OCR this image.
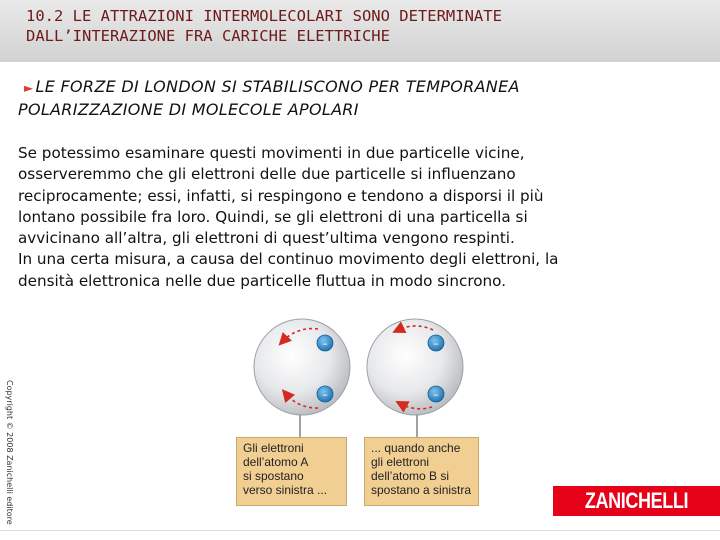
10.2 LE ATTRAZIONI INTERMOLECOLARI SONO DETERMINATE
DALL’INTERAZIONE FRA CARICHE ELETTRICHE
► LE FORZE DI LONDON SI STABILISCONO PER TEMPORANEA
POLARIZZAZIONE DI MOLECOLE APOLARI
Se potessimo esaminare questi movimenti in due particelle vicine,
osserveremmo che gli elettroni delle due particelle si influenzano
reciprocamente; essi, infatti, si respingono e tendono a disporsi il più
lontano possibile fra loro. Quindi, se gli elettroni di una particella si
avvicinano all’altra, gli elettroni di quest’ultima vengono respinti.
In una certa misura, a causa del continuo movimento degli elettroni, la
densità elettronica nelle due particelle fluttua in modo sincrono.
Copyright © 2008 Zanichelli editore
–
–
–
–
Gli elettroni
dell’atomo A
si spostano
verso sinistra ...
... quando anche
gli elettroni
dell’atomo B si
spostano a sinistra	ZANICHELLI
